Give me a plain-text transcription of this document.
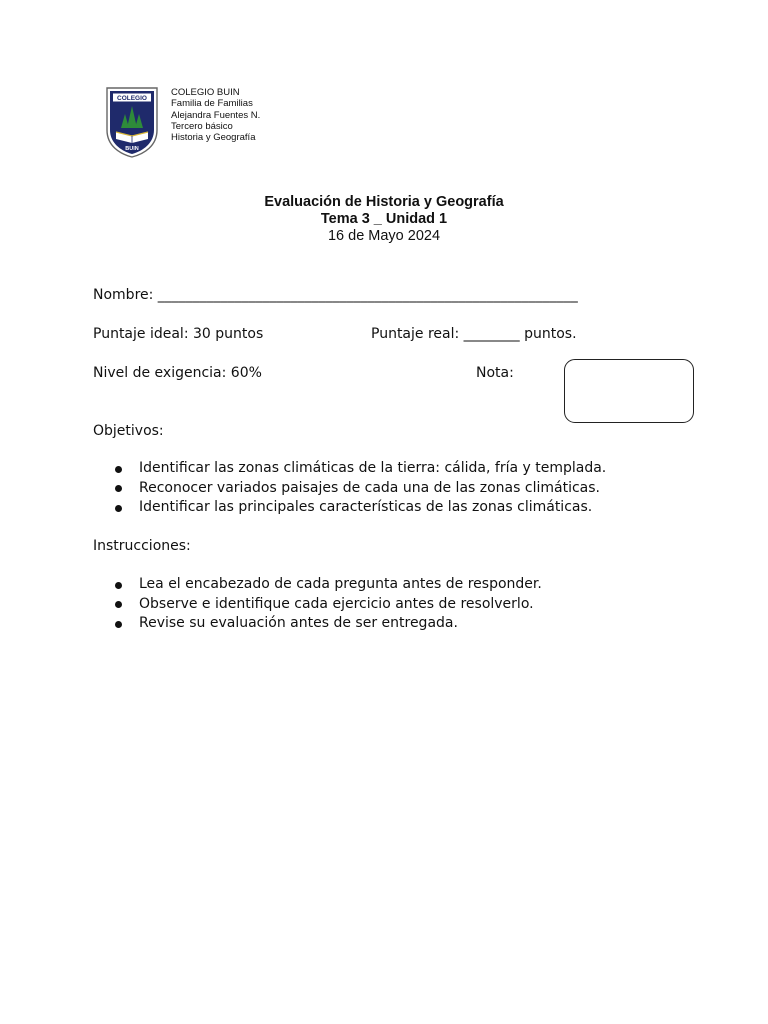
COLEGIO
BUIN
COLEGIO BUIN
Familia de Familias
Alejandra Fuentes N.
Tercero básico
Historia y Geografía
Evaluación de Historia y Geografía
Tema 3 _ Unidad 1
16 de Mayo 2024
Nombre: ____________________________________________________________
Puntaje ideal: 30 puntos	Puntaje real: ________ puntos.
Nivel de exigencia: 60%	Nota:
Objetivos:
Identificar las zonas climáticas de la tierra: cálida, fría y templada.
Reconocer variados paisajes de cada una de las zonas climáticas.
Identificar las principales características de las zonas climáticas.
Instrucciones:
Lea el encabezado de cada pregunta antes de responder.
Observe e identifique cada ejercicio antes de resolverlo.
Revise su evaluación antes de ser entregada.
